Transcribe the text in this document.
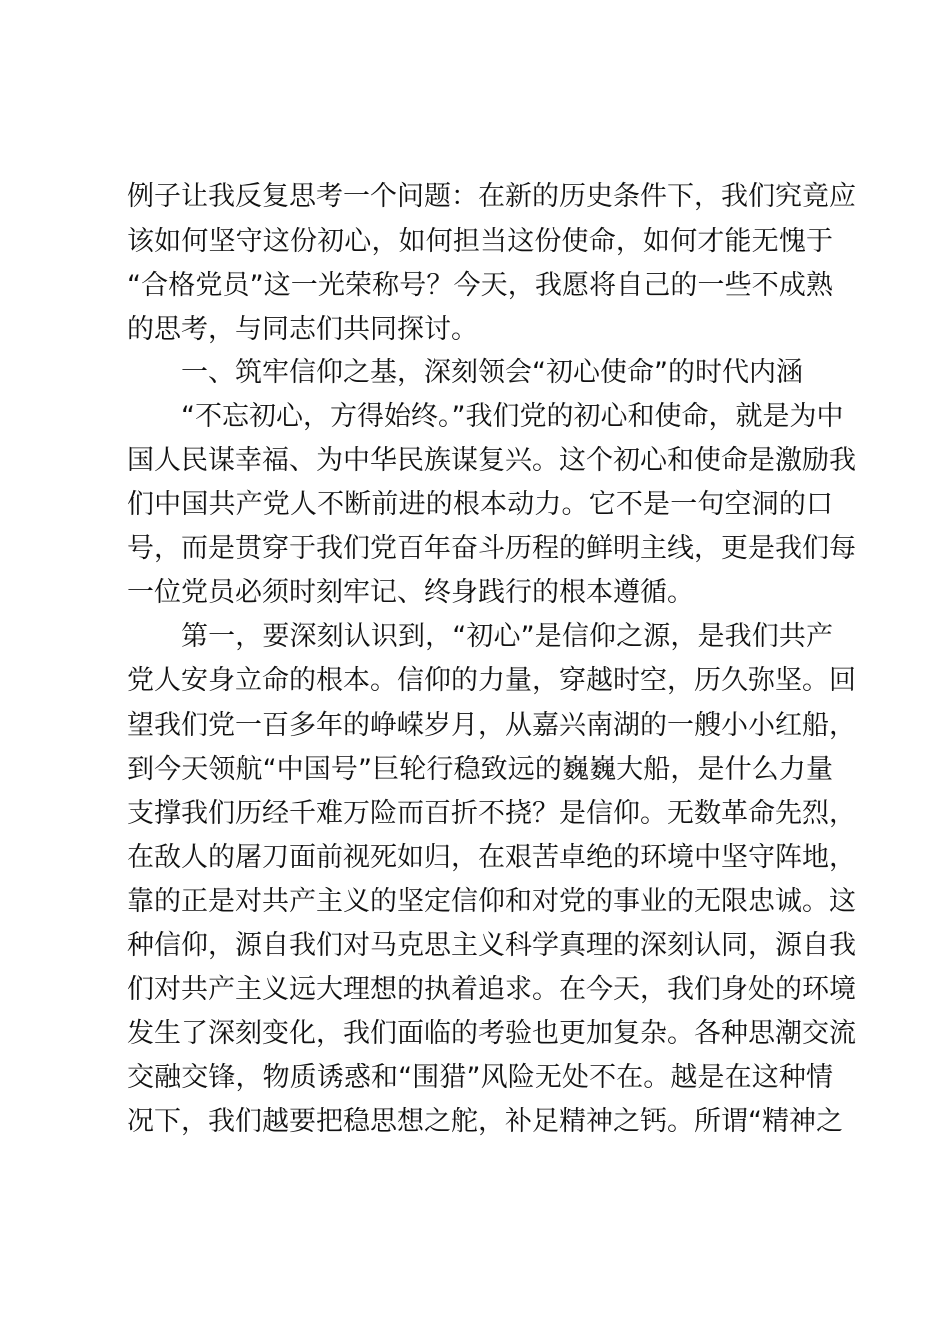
例子让我反复思考一个问题：在新的历史条件下，我们究竟应
该如何坚守这份初心，如何担当这份使命，如何才能无愧于
“合格党员”这一光荣称号？今天，我愿将自己的一些不成熟
的思考，与同志们共同探讨。
一、筑牢信仰之基，深刻领会“初心使命”的时代内涵
“不忘初心，方得始终。”我们党的初心和使命，就是为中
国人民谋幸福、为中华民族谋复兴。这个初心和使命是激励我
们中国共产党人不断前进的根本动力。它不是一句空洞的口
号，而是贯穿于我们党百年奋斗历程的鲜明主线，更是我们每
一位党员必须时刻牢记、终身践行的根本遵循。
第一，要深刻认识到，“初心”是信仰之源，是我们共产
党人安身立命的根本。信仰的力量，穿越时空，历久弥坚。回
望我们党一百多年的峥嵘岁月，从嘉兴南湖的一艘小小红船，
到今天领航“中国号”巨轮行稳致远的巍巍大船，是什么力量
支撑我们历经千难万险而百折不挠？是信仰。无数革命先烈，
在敌人的屠刀面前视死如归，在艰苦卓绝的环境中坚守阵地，
靠的正是对共产主义的坚定信仰和对党的事业的无限忠诚。这
种信仰，源自我们对马克思主义科学真理的深刻认同，源自我
们对共产主义远大理想的执着追求。在今天，我们身处的环境
发生了深刻变化，我们面临的考验也更加复杂。各种思潮交流
交融交锋，物质诱惑和“围猎”风险无处不在。越是在这种情
况下，我们越要把稳思想之舵，补足精神之钙。所谓“精神之
